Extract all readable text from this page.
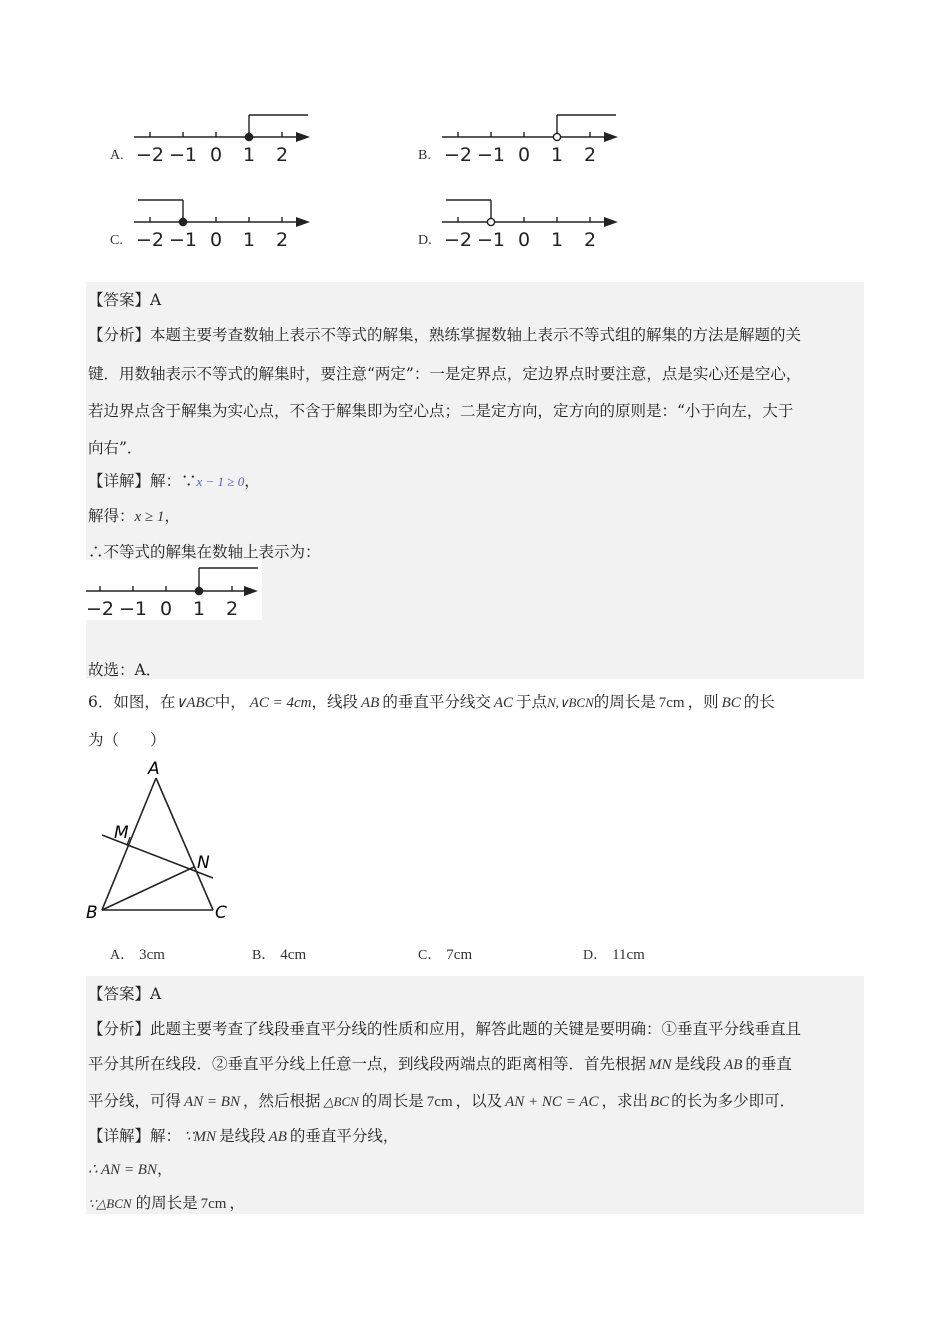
A. −2 −1 0 1 2	B. −2 −1 0 1 2
C. −2 −1 0 1 2	D. −2 −1 0 1 2
【答案】A
【分析】本题主要考查数轴上表示不等式的解集，熟练掌握数轴上表示不等式组的解集的方法是解题的关
键．用数轴表示不等式的解集时，要注意“两定”：一是定界点，定边界点时要注意，点是实心还是空心，
若边界点含于解集为实心点，不含于解集即为空心点；二是定方向，定方向的原则是：“小于向左，大于
向右”．
【详解】解：∵x − 1 ≥ 0，
解得：x ≥ 1，
∴不等式的解集在数轴上表示为：
−2 −1 0 1 2
故选：A．
6．如图，在∨ABC中， AC = 4cm，线段 AB 的垂直平分线交 AC 于点N,∨BCN的周长是 7cm ，则 BC 的长
为（　　）
A
M
N
B	C
A． 3cm	B． 4cm	C． 7cm	D． 11cm
【答案】A
【分析】此题主要考查了线段垂直平分线的性质和应用，解答此题的关键是要明确：①垂直平分线垂直且
平分其所在线段．②垂直平分线上任意一点，到线段两端点的距离相等．首先根据 MN 是线段 AB 的垂直
平分线，可得 AN = BN ，然后根据 △BCN 的周长是 7cm ，以及 AN + NC = AC ，求出 BC 的长为多少即可．
【详解】解： ∵MN 是线段 AB 的垂直平分线，
∴ AN = BN，
∵△BCN 的周长是 7cm ，
